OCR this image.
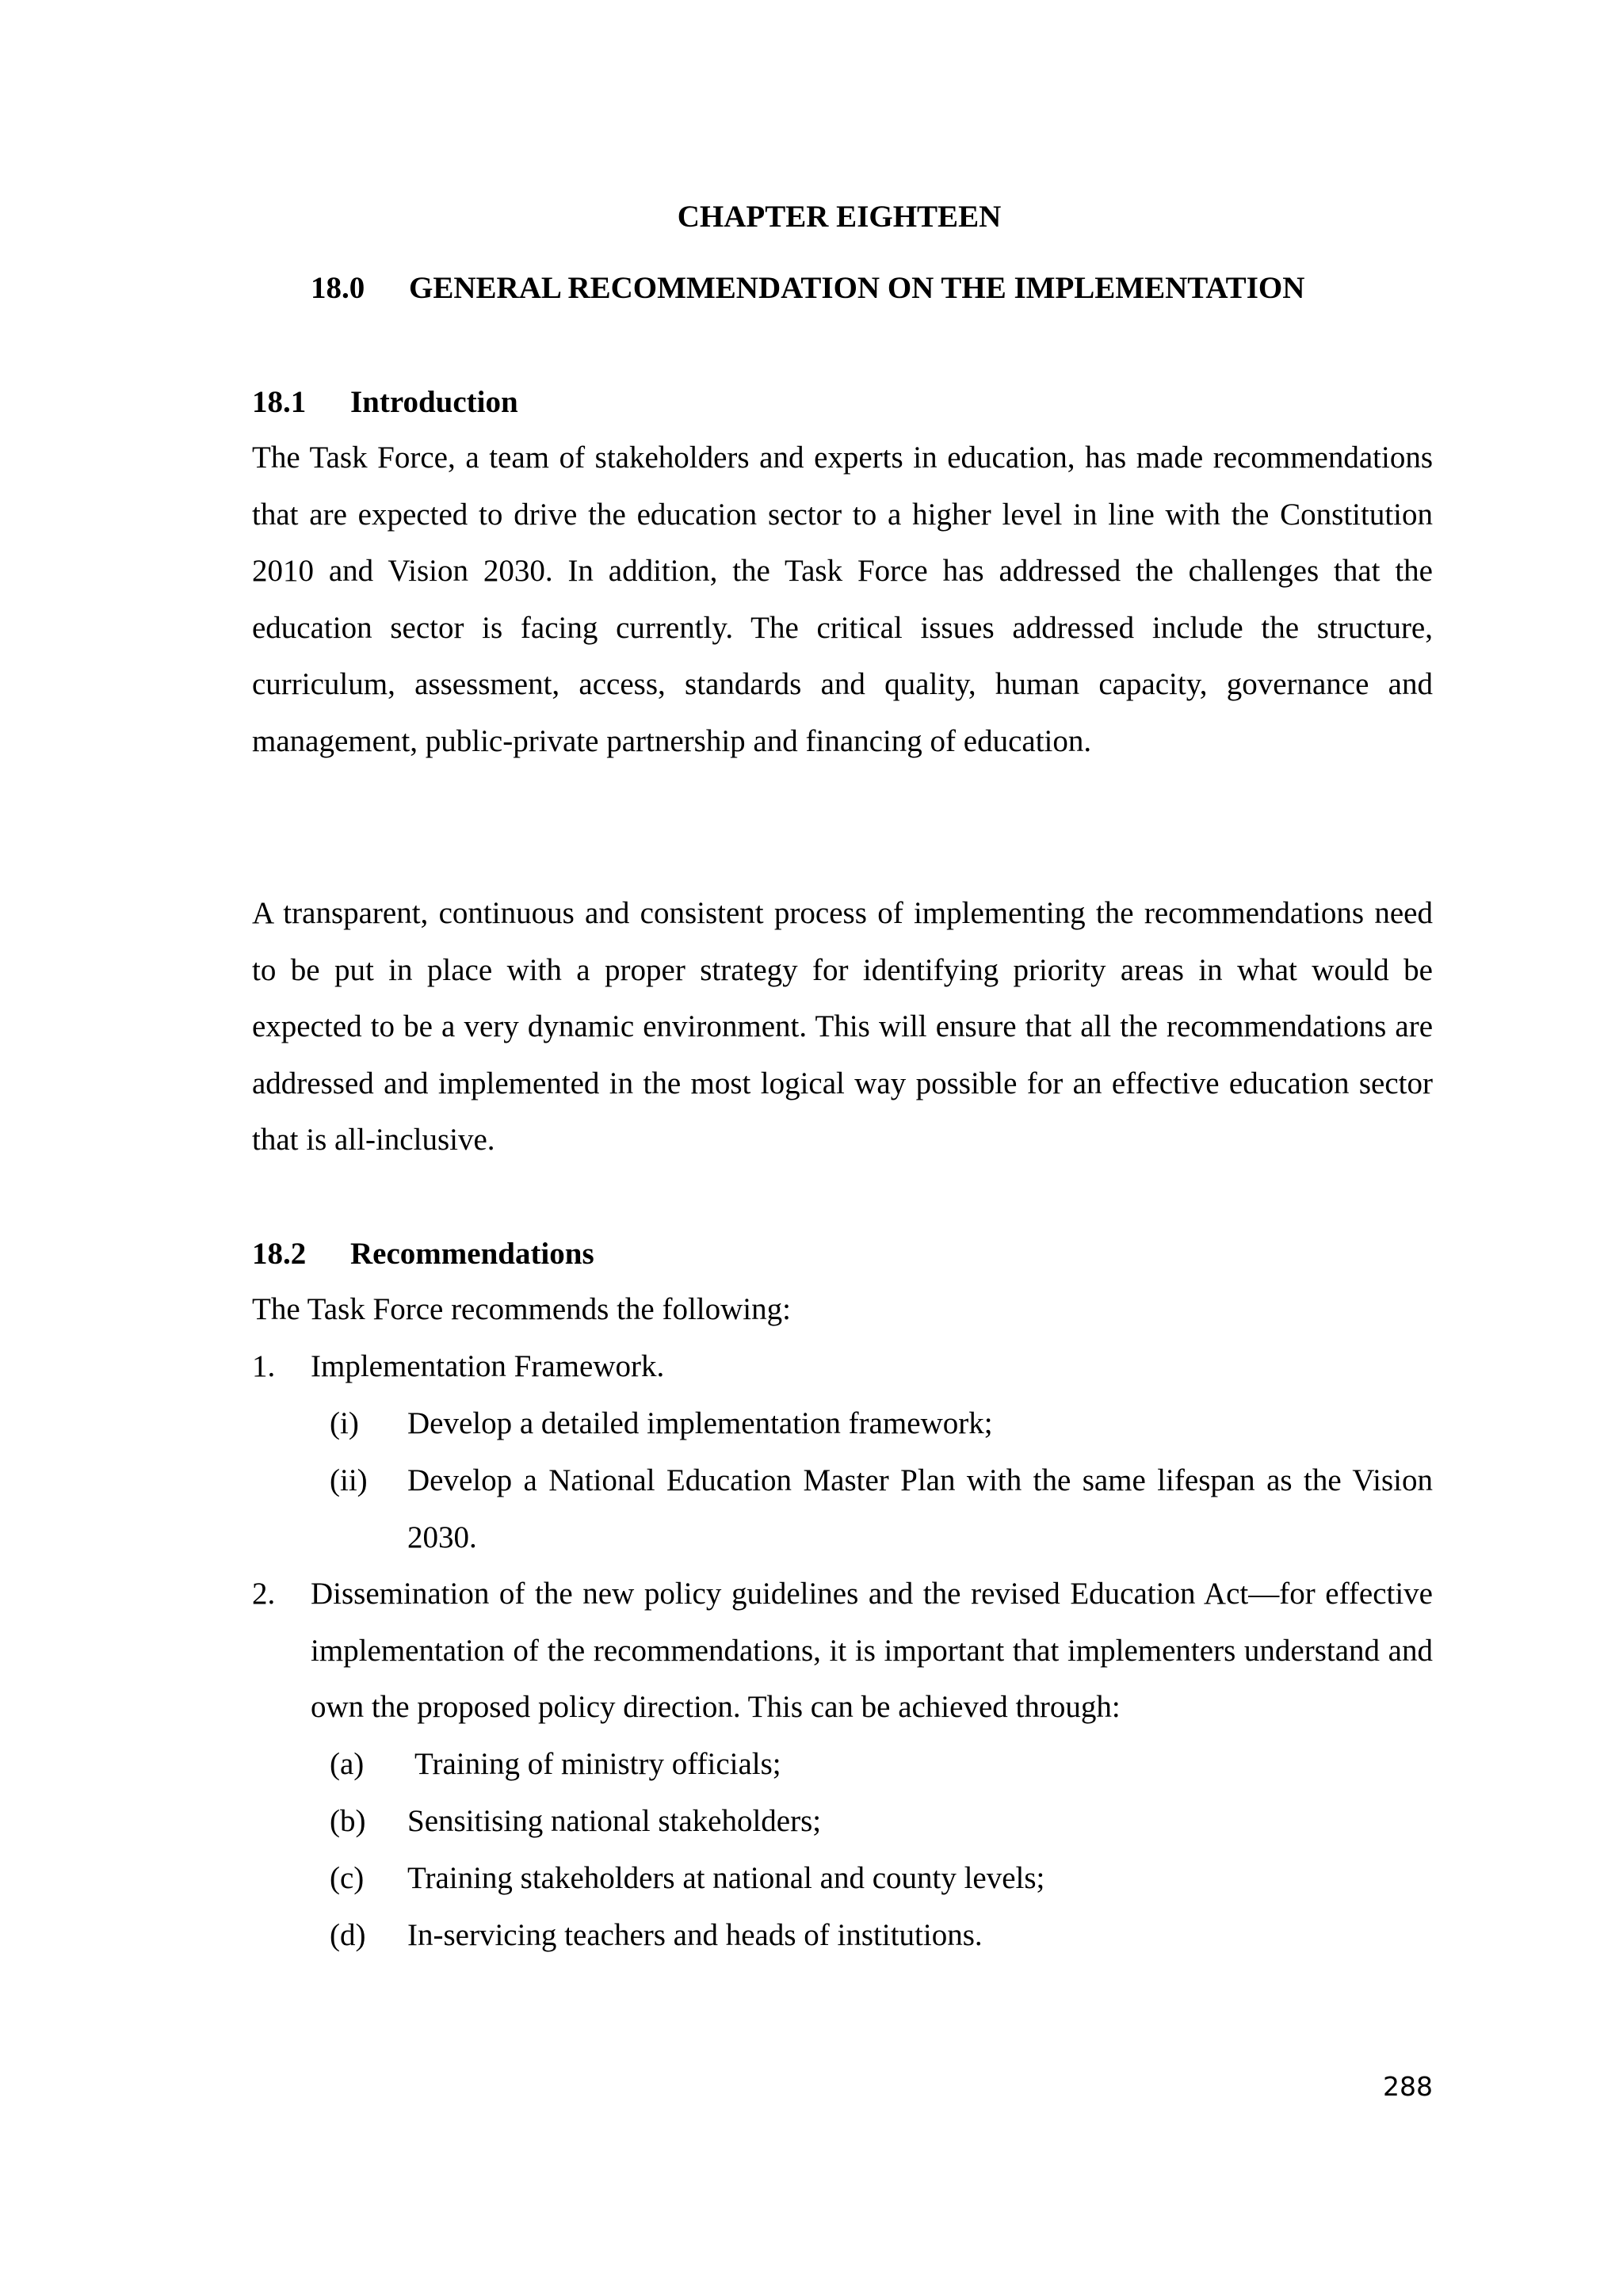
CHAPTER EIGHTEEN
18.0 GENERAL RECOMMENDATION ON THE IMPLEMENTATION
18.1 Introduction
The Task Force, a team of stakeholders and experts in education, has made recommendations that are expected to drive the education sector to a higher level in line with the Constitution 2010 and Vision 2030. In addition, the Task Force has addressed the challenges that the education sector is facing currently. The critical issues addressed include the structure, curriculum, assessment, access, standards and quality, human capacity, governance and management, public-private partnership and financing of education.
A transparent, continuous and consistent process of implementing the recommendations need to be put in place with a proper strategy for identifying priority areas in what would be expected to be a very dynamic environment. This will ensure that all the recommendations are addressed and implemented in the most logical way possible for an effective education sector that is all-inclusive.
18.2 Recommendations
The Task Force recommends the following:
1. Implementation Framework.
(i) Develop a detailed implementation framework;
(ii) Develop a National Education Master Plan with the same lifespan as the Vision 2030.
2. Dissemination of the new policy guidelines and the revised Education Act—for effective implementation of the recommendations, it is important that implementers understand and own the proposed policy direction. This can be achieved through:
(a) Training of ministry officials;
(b) Sensitising national stakeholders;
(c) Training stakeholders at national and county levels;
(d) In-servicing teachers and heads of institutions.
288
